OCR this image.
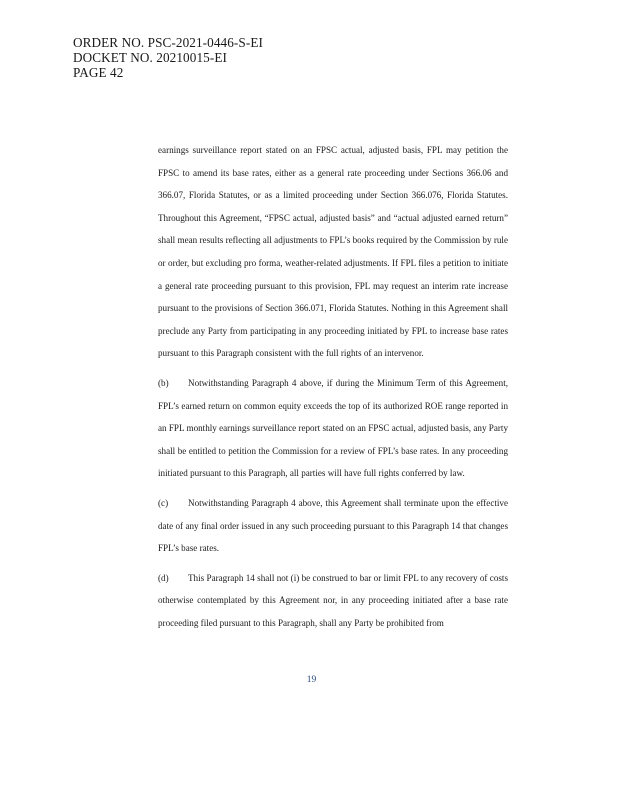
ORDER NO. PSC-2021-0446-S-EI
DOCKET NO. 20210015-EI
PAGE 42

earnings surveillance report stated on an FPSC actual, adjusted basis, FPL may petition the FPSC to amend its base rates, either as a general rate proceeding under Sections 366.06 and 366.07, Florida Statutes, or as a limited proceeding under Section 366.076, Florida Statutes. Throughout this Agreement, “FPSC actual, adjusted basis” and “actual adjusted earned return” shall mean results reflecting all adjustments to FPL’s books required by the Commission by rule or order, but excluding pro forma, weather-related adjustments. If FPL files a petition to initiate a general rate proceeding pursuant to this provision, FPL may request an interim rate increase pursuant to the provisions of Section 366.071, Florida Statutes. Nothing in this Agreement shall preclude any Party from participating in any proceeding initiated by FPL to increase base rates pursuant to this Paragraph consistent with the full rights of an intervenor.

(b) Notwithstanding Paragraph 4 above, if during the Minimum Term of this Agreement, FPL’s earned return on common equity exceeds the top of its authorized ROE range reported in an FPL monthly earnings surveillance report stated on an FPSC actual, adjusted basis, any Party shall be entitled to petition the Commission for a review of FPL’s base rates. In any proceeding initiated pursuant to this Paragraph, all parties will have full rights conferred by law.

(c) Notwithstanding Paragraph 4 above, this Agreement shall terminate upon the effective date of any final order issued in any such proceeding pursuant to this Paragraph 14 that changes FPL’s base rates.

(d) This Paragraph 14 shall not (i) be construed to bar or limit FPL to any recovery of costs otherwise contemplated by this Agreement nor, in any proceeding initiated after a base rate proceeding filed pursuant to this Paragraph, shall any Party be prohibited from

19
